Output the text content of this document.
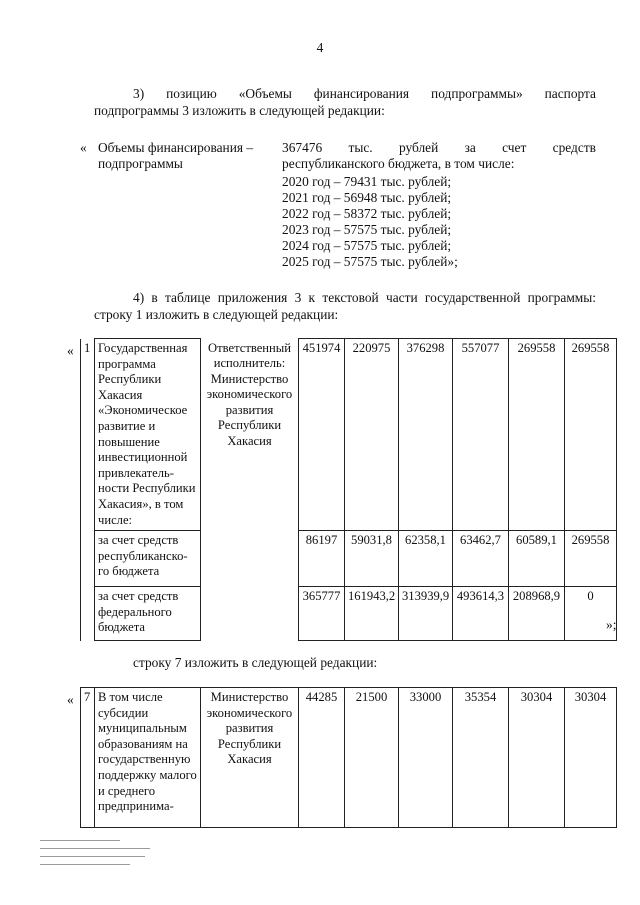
4
3) позицию «Объемы финансирования подпрограммы» паспорта
подпрограммы 3 изложить в следующей редакции:
« Объемы финансирования –
подпрограммы
367476 тыс. рублей за счет средств
республиканского бюджета, в том числе:
2020 год – 79431 тыс. рублей;
2021 год – 56948 тыс. рублей;
2022 год – 58372 тыс. рублей;
2023 год – 57575 тыс. рублей;
2024 год – 57575 тыс. рублей;
2025 год – 57575 тыс. рублей»;
4) в таблице приложения 3 к текстовой части государственной программы:
строку 1 изложить в следующей редакции:
« 1	Государственная программа Республики Хакасия «Экономическое развитие и повышение инвестиционной привлекатель-ности Республики Хакасия», в том числе:	Ответственный исполнитель: Министерство экономического развития Республики Хакасия	451974	220975	376298	557077	269558	269558
	за счет средств республиканско-го бюджета		86197	59031,8	62358,1	63462,7	60589,1	269558
	за счет средств федерального бюджета		365777	161943,2	313939,9	493614,3	208968,9	0
»;
строку 7 изложить в следующей редакции:
« 7	В том числе субсидии муниципальным образованиям на государственную поддержку малого и среднего предпринима-	Министерство экономического развития Республики Хакасия	44285	21500	33000	35354	30304	30304
